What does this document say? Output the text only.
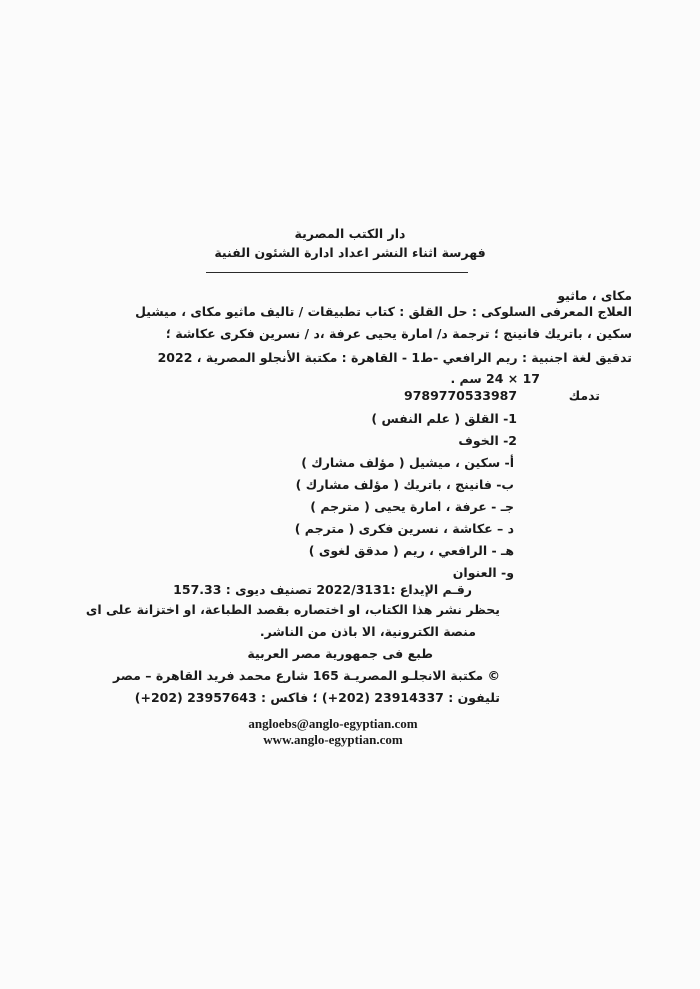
دار الكتب المصرية
فهرسة اثناء النشر اعداد ادارة الشئون الفنية
مكاى ، ماثيو
العلاج المعرفى السلوكى : حل القلق : كتاب تطبيقات / تاليف ماثيو مكاى ، ميشيل
سكين ، باتريك فانينج ؛ ترجمة د/ امارة يحيى عرفة ،د / نسرين فكرى عكاشة ؛
تدقيق لغة اجنبية : ريم الرافعي -ط1 - القاهرة : مكتبة الأنجلو المصرية ، 2022
17 × 24 سم .
تدمك
9789770533987
1- القلق ( علم النفس )
2- الخوف
أ- سكين ، ميشيل ( مؤلف مشارك )
ب- فانينج ، باتريك ( مؤلف مشارك )
جـ - عرفة ، امارة يحيى ( مترجم )
د – عكاشة ، نسرين فكرى ( مترجم )
هـ - الرافعي ، ريم ( مدقق لغوى )
و- العنوان
رقـم الإيداع :2022/3131 تصنيف ديوى : 157.33
يحظر نشر هذا الكتاب، او اختصاره بقصد الطباعة، او اختزانة على اى
منصة الكترونية، الا باذن من الناشر.
طبع فى جمهورية مصر العربية
© مكتبة الانجلـو المصريـة 165 شارع محمد فريد القاهرة – مصر
تليفون : 23914337 (202+) ؛ فاكس : 23957643 (202+)
angloebs@anglo-egyptian.com
www.anglo-egyptian.com
